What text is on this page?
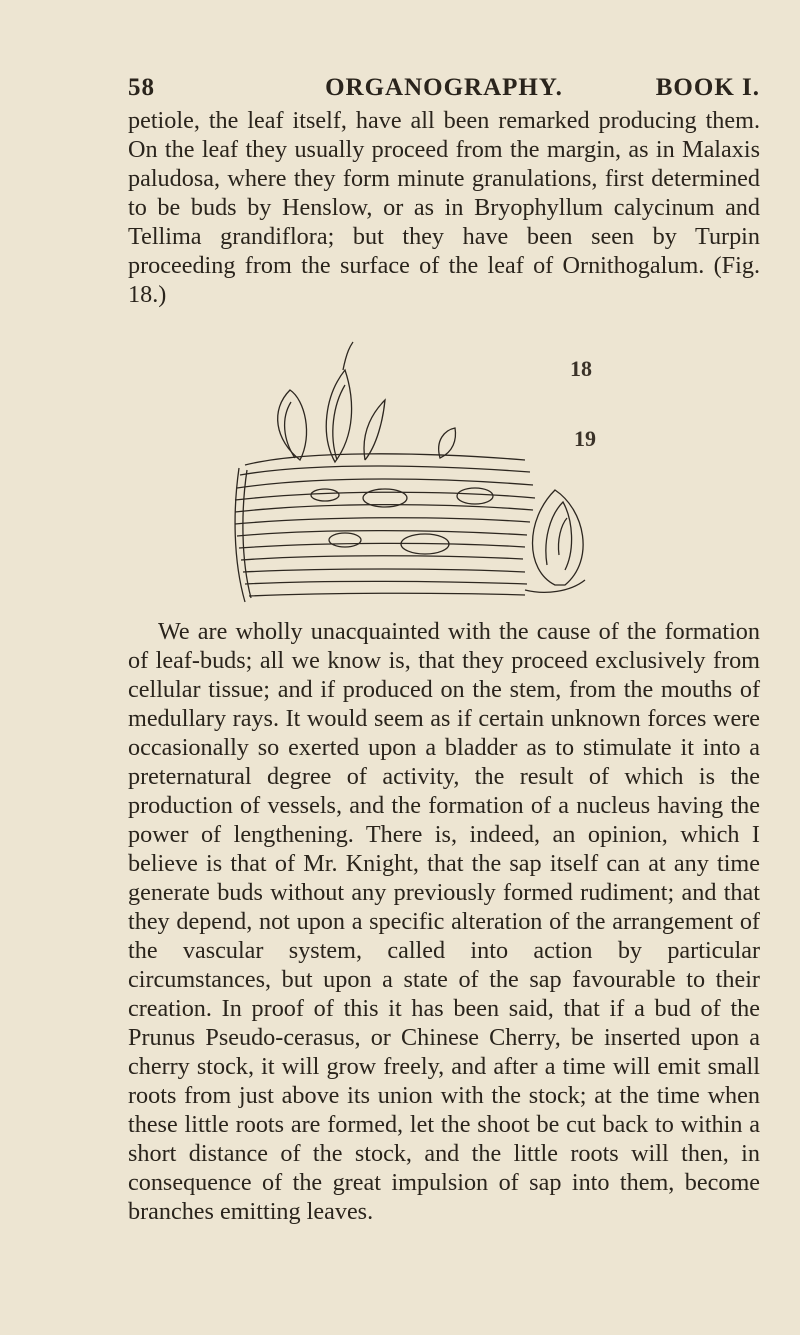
58	ORGANOGRAPHY.	BOOK I.

petiole, the leaf itself, have all been remarked producing them. On the leaf they usually proceed from the margin, as in Malaxis paludosa, where they form minute granulations, first determined to be buds by Henslow, or as in Bryophyllum calycinum and Tellima grandiflora; but they have been seen by Turpin proceeding from the surface of the leaf of Ornithogalum. (Fig. 18.)

18
19

We are wholly unacquainted with the cause of the formation of leaf-buds; all we know is, that they proceed exclusively from cellular tissue; and if produced on the stem, from the mouths of medullary rays. It would seem as if certain unknown forces were occasionally so exerted upon a bladder as to stimulate it into a preternatural degree of activity, the result of which is the production of vessels, and the formation of a nucleus having the power of lengthening. There is, indeed, an opinion, which I believe is that of Mr. Knight, that the sap itself can at any time generate buds without any previously formed rudiment; and that they depend, not upon a specific alteration of the arrangement of the vascular system, called into action by particular circumstances, but upon a state of the sap favourable to their creation. In proof of this it has been said, that if a bud of the Prunus Pseudo-cerasus, or Chinese Cherry, be inserted upon a cherry stock, it will grow freely, and after a time will emit small roots from just above its union with the stock; at the time when these little roots are formed, let the shoot be cut back to within a short distance of the stock, and the little roots will then, in consequence of the great impulsion of sap into them, become branches emitting leaves.
